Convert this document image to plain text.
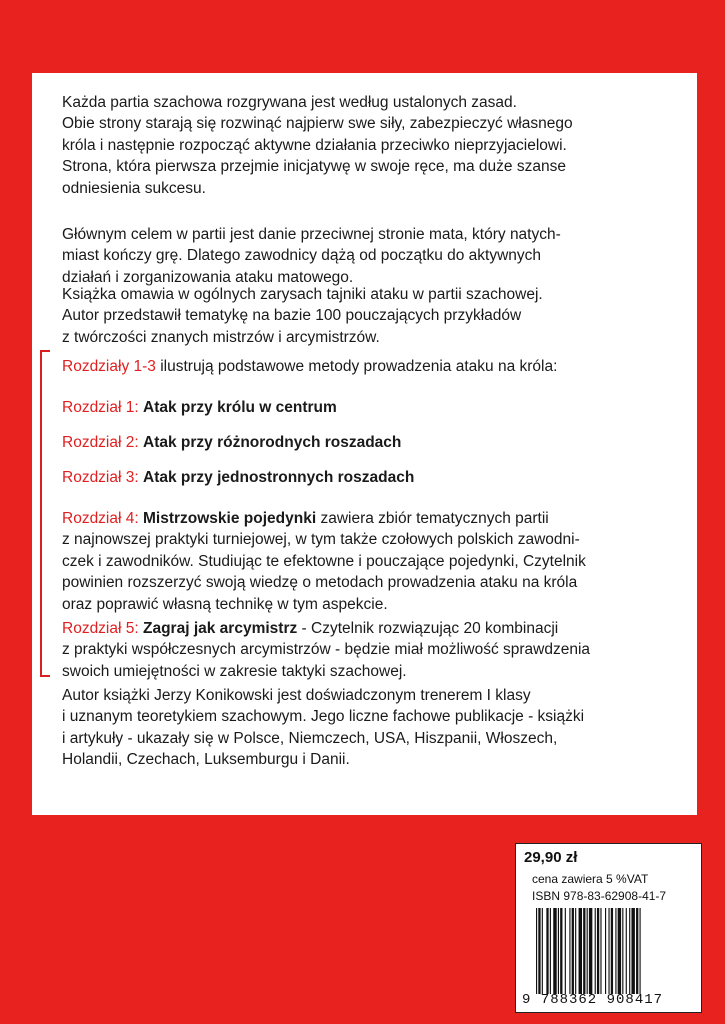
Każda partia szachowa rozgrywana jest według ustalonych zasad.
Obie strony starają się rozwinąć najpierw swe siły, zabezpieczyć własnego
króla i następnie rozpocząć aktywne działania przeciwko nieprzyjacielowi.
Strona, która pierwsza przejmie inicjatywę w swoje ręce, ma duże szanse
odniesienia sukcesu.
Głównym celem w partii jest danie przeciwnej stronie mata, który natych-
miast kończy grę. Dlatego zawodnicy dążą od początku do aktywnych
działań i zorganizowania ataku matowego.
Książka omawia w ogólnych zarysach tajniki ataku w partii szachowej.
Autor przedstawił tematykę na bazie 100 pouczających przykładów
z twórczości znanych mistrzów i arcymistrzów.
Rozdziały 1-3 ilustrują podstawowe metody prowadzenia ataku na króla:
Rozdział 1: Atak przy królu w centrum
Rozdział 2: Atak przy różnorodnych roszadach
Rozdział 3: Atak przy jednostronnych roszadach
Rozdział 4: Mistrzowskie pojedynki zawiera zbiór tematycznych partii
z najnowszej praktyki turniejowej, w tym także czołowych polskich zawodni-
czek i zawodników. Studiując te efektowne i pouczające pojedynki, Czytelnik
powinien rozszerzyć swoją wiedzę o metodach prowadzenia ataku na króla
oraz poprawić własną technikę w tym aspekcie.
Rozdział 5: Zagraj jak arcymistrz - Czytelnik rozwiązując 20 kombinacji
z praktyki współczesnych arcymistrzów - będzie miał możliwość sprawdzenia
swoich umiejętności w zakresie taktyki szachowej.
Autor książki Jerzy Konikowski jest doświadczonym trenerem I klasy
i uznanym teoretykiem szachowym. Jego liczne fachowe publikacje - książki
i artykuły - ukazały się w Polsce, Niemczech, USA, Hiszpanii, Włoszech,
Holandii, Czechach, Luksemburgu i Danii.
29,90 zł
cena zawiera 5 %VAT
ISBN 978-83-62908-41-7
9 788362 908417
